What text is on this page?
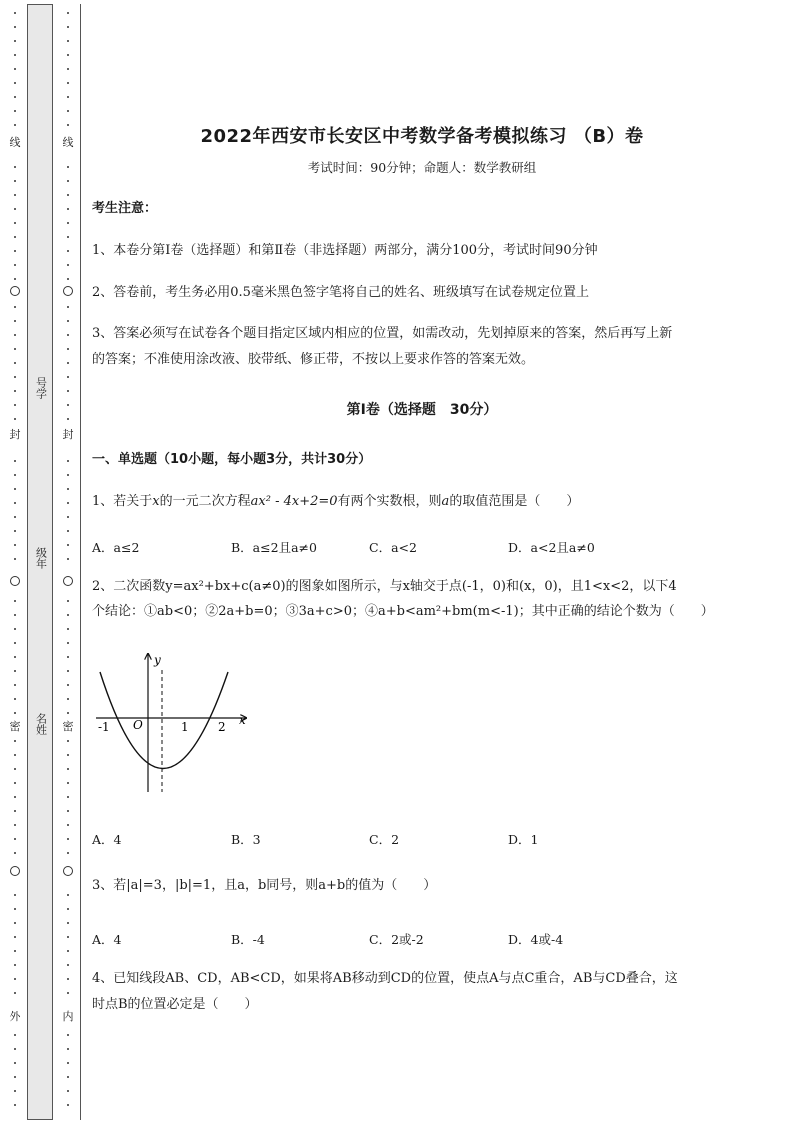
线
封
密
外
号学
级年
名姓
线
封
密
内
2022年西安市长安区中考数学备考模拟练习 （B）卷
考试时间：90分钟；命题人：数学教研组
考生注意：
1、本卷分第I卷（选择题）和第Ⅱ卷（非选择题）两部分，满分100分，考试时间90分钟
2、答卷前，考生务必用0.5毫米黑色签字笔将自己的姓名、班级填写在试卷规定位置上
3、答案必须写在试卷各个题目指定区域内相应的位置，如需改动，先划掉原来的答案，然后再写上新
的答案；不准使用涂改液、胶带纸、修正带，不按以上要求作答的答案无效。
第I卷（选择题　30分）
一、单选题（10小题，每小题3分，共计30分）
1、若关于x的一元二次方程ax² - 4x+2=0有两个实数根，则a的取值范围是（　　）
A．a≤2	B．a≤2且a≠0	C．a<2	D．a<2且a≠0
2、二次函数y=ax²+bx+c(a≠0)的图象如图所示，与x轴交于点(-1，0)和(x，0)，且1<x<2，以下4
个结论：①ab<0；②2a+b=0；③3a+c>0；④a+b<am²+bm(m<-1)；其中正确的结论个数为（　　）
A．4	B．3	C．2	D．1
3、若|a|=3，|b|=1，且a，b同号，则a+b的值为（　　）
A．4	B．-4	C．2或-2	D．4或-4
4、已知线段AB、CD，AB<CD，如果将AB移动到CD的位置，使点A与点C重合，AB与CD叠合，这
时点B的位置必定是（　　）
y
x
O
-1	1 2
